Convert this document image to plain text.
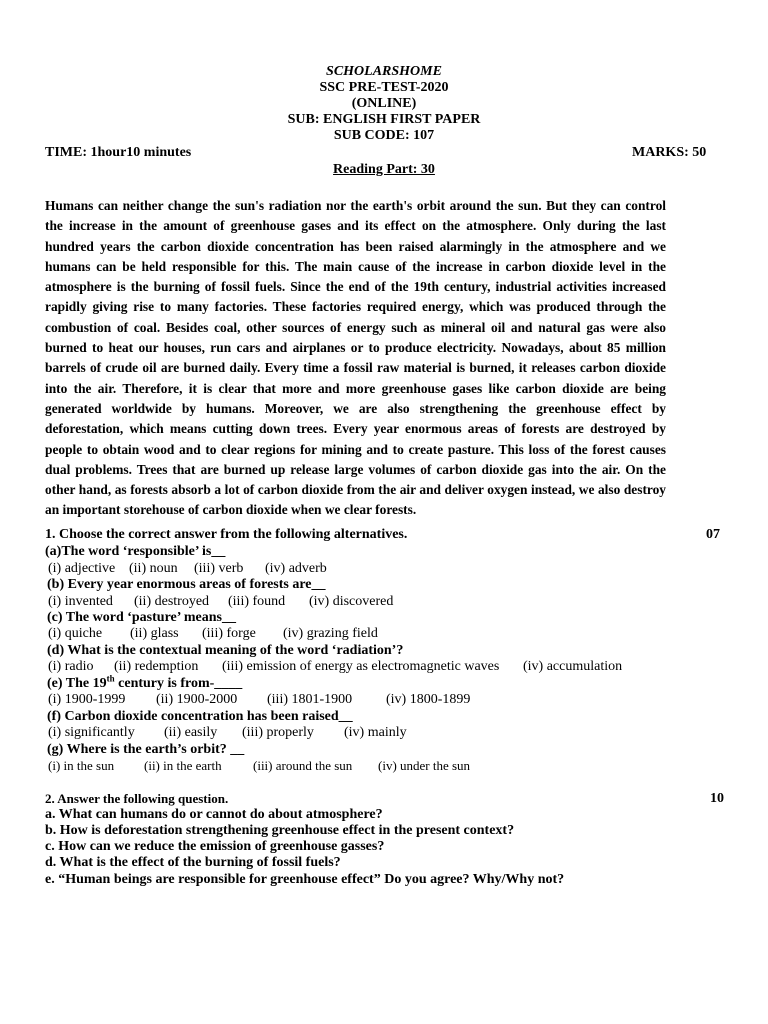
SCHOLARSHOME
SSC PRE-TEST-2020
(ONLINE)
SUB: ENGLISH FIRST PAPER
SUB CODE: 107
TIME: 1hour10 minutes	MARKS: 50
Reading Part: 30
Humans can neither change the sun's radiation nor the earth's orbit around the sun. But they can control the increase in the amount of greenhouse gases and its effect on the atmosphere. Only during the last hundred years the carbon dioxide concentration has been raised alarmingly in the atmosphere and we humans can be held responsible for this. The main cause of the increase in carbon dioxide level in the atmosphere is the burning of fossil fuels. Since the end of the 19th century, industrial activities increased rapidly giving rise to many factories. These factories required energy, which was produced through the combustion of coal. Besides coal, other sources of energy such as mineral oil and natural gas were also burned to heat our houses, run cars and airplanes or to produce electricity. Nowadays, about 85 million barrels of crude oil are burned daily. Every time a fossil raw material is burned, it releases carbon dioxide into the air. Therefore, it is clear that more and more greenhouse gases like carbon dioxide are being generated worldwide by humans. Moreover, we are also strengthening the greenhouse effect by deforestation, which means cutting down trees. Every year enormous areas of forests are destroyed by people to obtain wood and to clear regions for mining and to create pasture. This loss of the forest causes dual problems. Trees that are burned up release large volumes of carbon dioxide gas into the air. On the other hand, as forests absorb a lot of carbon dioxide from the air and deliver oxygen instead, we also destroy an important storehouse of carbon dioxide when we clear forests.
1. Choose the correct answer from the following alternatives.	07
(a)The word ‘responsible’ is__
(i) adjective (ii) noun (iii) verb (iv) adverb
(b) Every year enormous areas of forests are__
(i) invented (ii) destroyed (iii) found (iv) discovered
(c) The word ‘pasture’ means__
(i) quiche (ii) glass (iii) forge (iv) grazing field
(d) What is the contextual meaning of the word ‘radiation’?
(i) radio (ii) redemption (iii) emission of energy as electromagnetic waves (iv) accumulation
(e) The 19th century is from-____
(i) 1900-1999 (ii) 1900-2000 (iii) 1801-1900 (iv) 1800-1899
(f) Carbon dioxide concentration has been raised__
(i) significantly (ii) easily (iii) properly (iv) mainly
(g) Where is the earth’s orbit? __
(i) in the sun (ii) in the earth (iii) around the sun (iv) under the sun
2. Answer the following question.	10
a. What can humans do or cannot do about atmosphere?
b. How is deforestation strengthening greenhouse effect in the present context?
c. How can we reduce the emission of greenhouse gasses?
d. What is the effect of the burning of fossil fuels?
e. “Human beings are responsible for greenhouse effect” Do you agree? Why/Why not?
